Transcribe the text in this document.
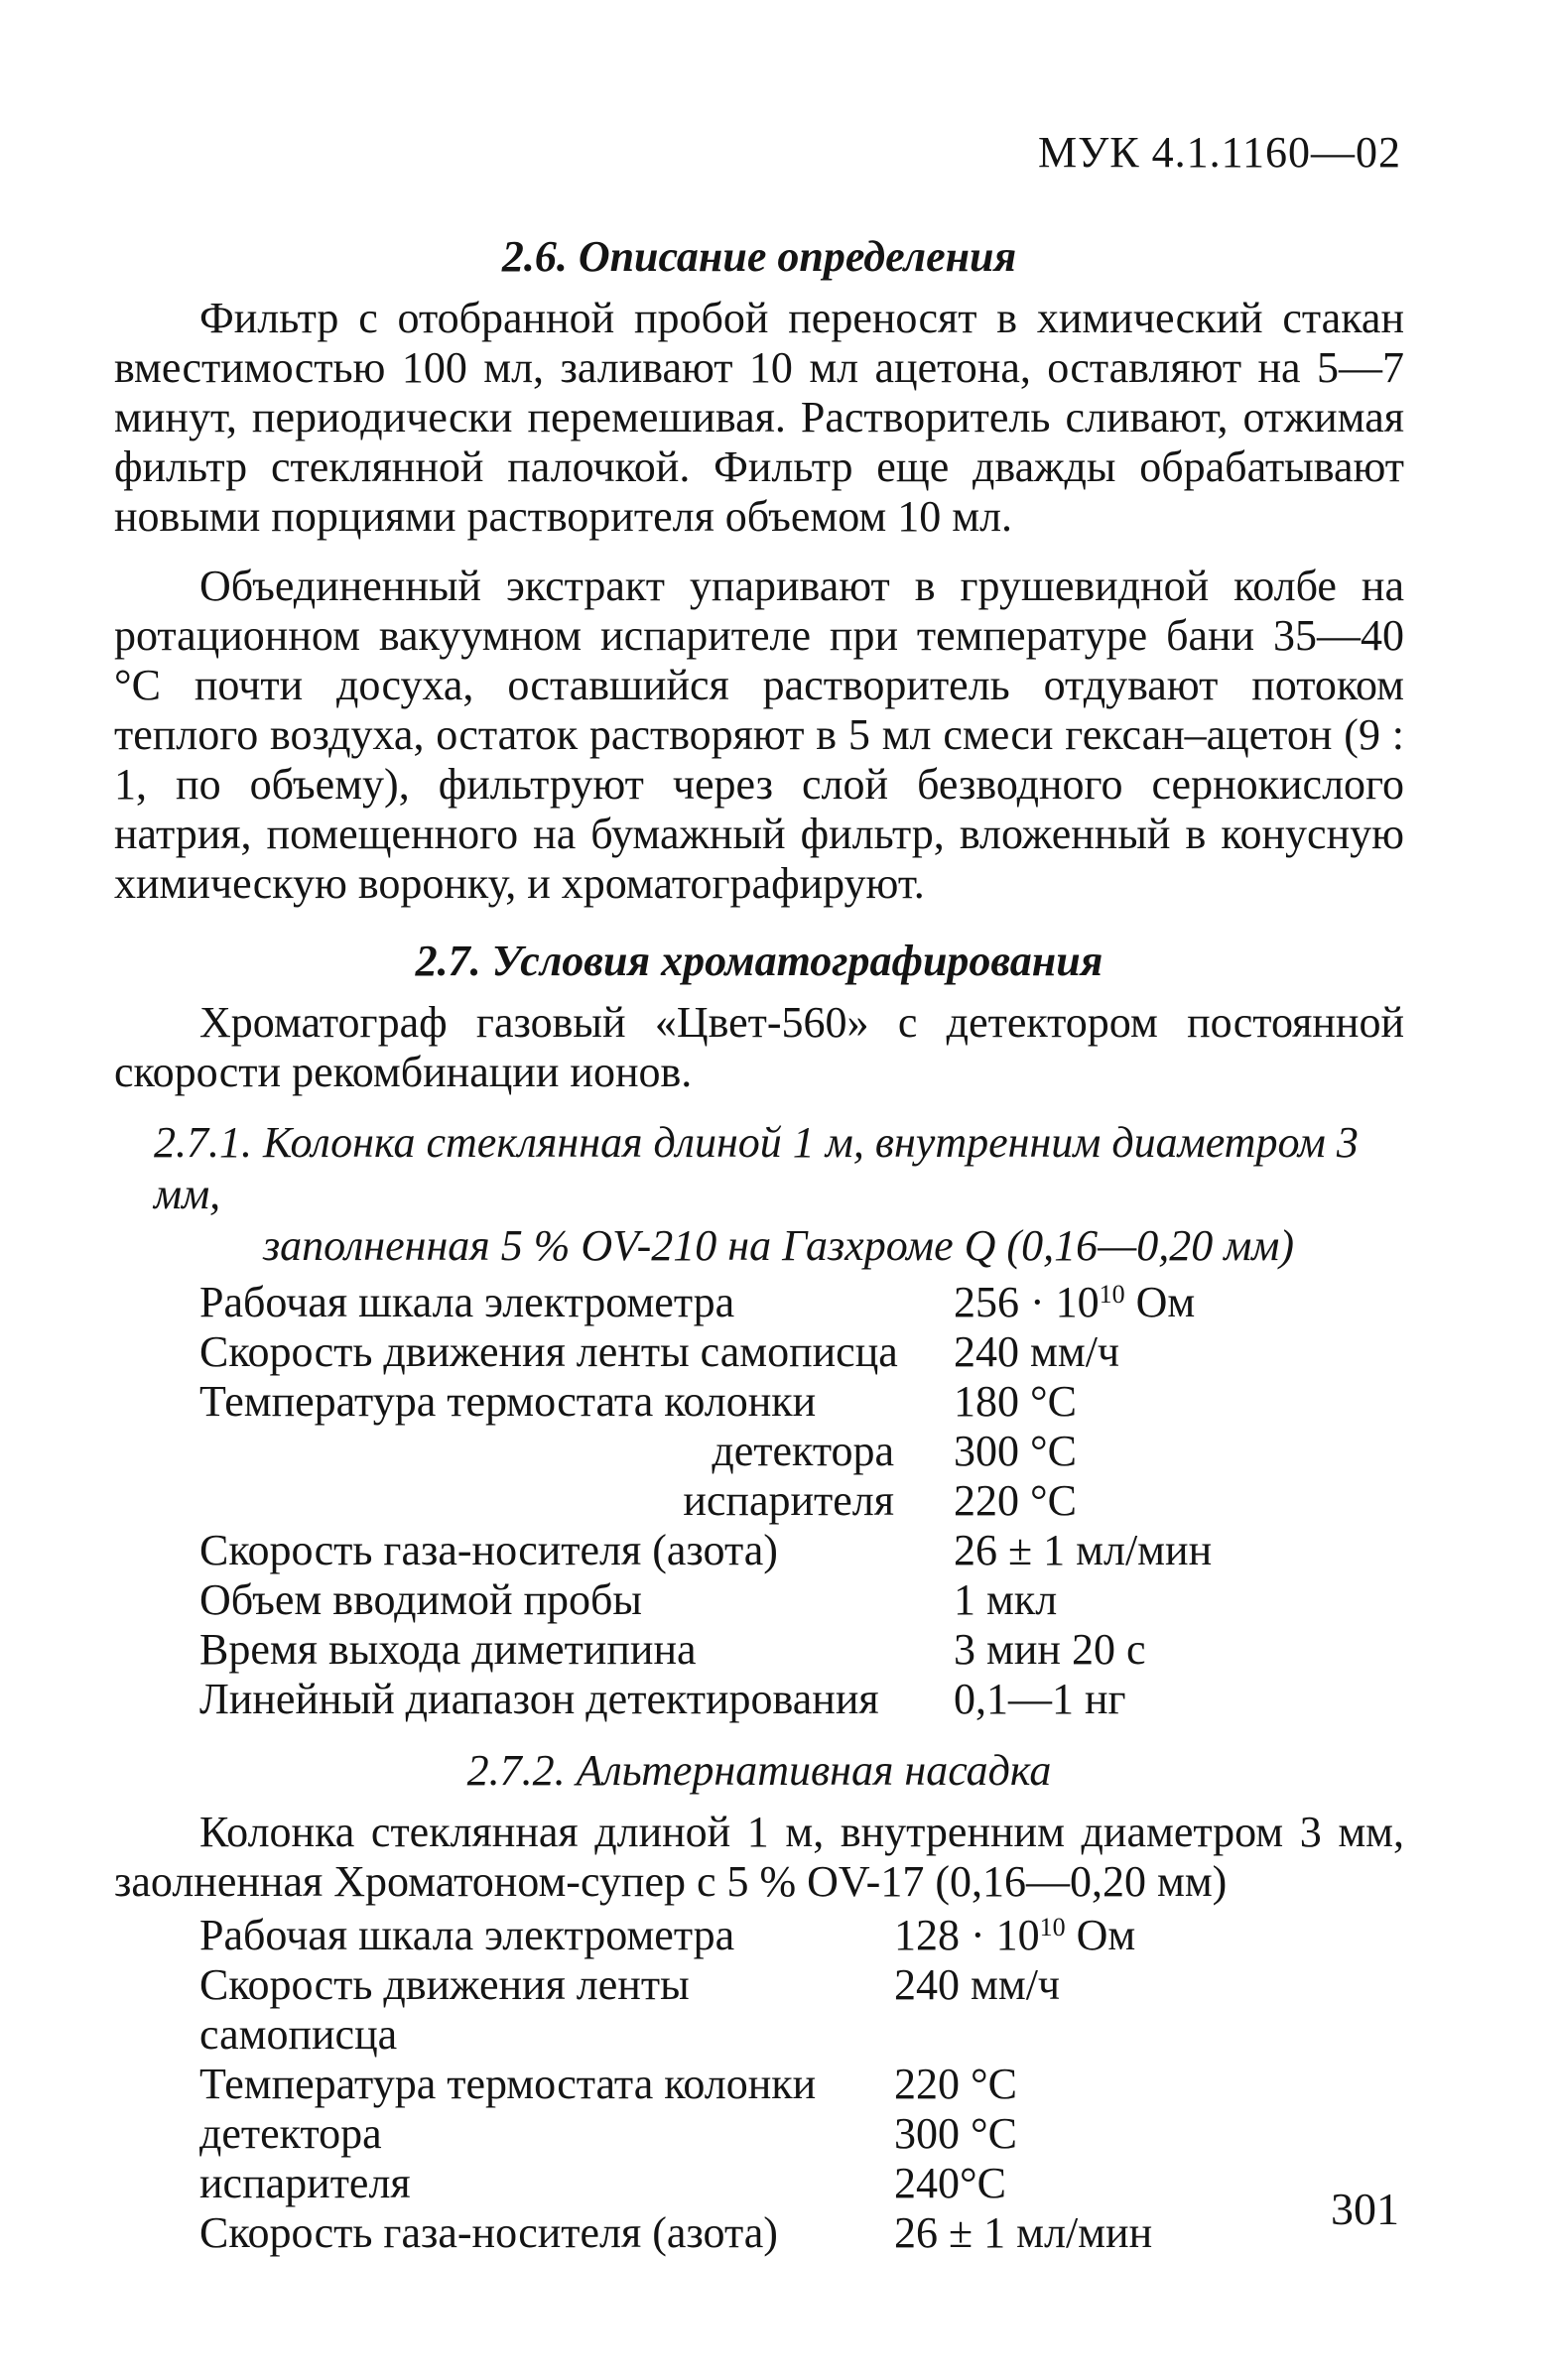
МУК 4.1.1160—02
2.6. Описание определения

Фильтр с отобранной пробой переносят в химический стакан вместимостью 100 мл, заливают 10 мл ацетона, оставляют на 5—7 минут, периодически перемешивая. Растворитель сливают, отжимая фильтр стеклянной палочкой. Фильтр еще дважды обрабатывают новыми порциями растворителя объемом 10 мл.

Объединенный экстракт упаривают в грушевидной колбе на ротационном вакуумном испарителе при температуре бани 35—40 °С почти досуха, оставшийся растворитель отдувают потоком теплого воздуха, остаток растворяют в 5 мл смеси гексан–ацетон (9 : 1, по объему), фильтруют через слой безводного сернокислого натрия, помещенного на бумажный фильтр, вложенный в конусную химическую воронку, и хроматографируют.

2.7. Условия хроматографирования

Хроматограф газовый «Цвет-560» с детектором постоянной скорости рекомбинации ионов.

2.7.1. Колонка стеклянная длиной 1 м, внутренним диаметром 3 мм,
заполненная 5 % OV-210 на Газхроме Q (0,16—0,20 мм)
Рабочая шкала электрометра	$256 \cdot 10^{10}$ Ом
Скорость движения ленты самописца	240 мм/ч
Температура термостата колонки	180 °С
детектора	300 °С
испарителя	220 °С
Скорость газа-носителя (азота)	26 ± 1 мл/мин
Объем вводимой пробы	1 мкл
Время выхода диметипина	3 мин 20 с
Линейный диапазон детектирования	0,1—1 нг
2.7.2. Альтернативная насадка

Колонка стеклянная длиной 1 м, внутренним диаметром 3 мм, заолненная Хроматоном-супер с 5 % OV-17 (0,16—0,20 мм)

Рабочая шкала электрометра	$128 \cdot 10^{10}$ Ом
Скорость движения ленты самописца	240 мм/ч
Температура термостата колонки	220 °С
детектора	300 °С
испарителя	240°С
Скорость газа-носителя (азота)	26 ± 1 мл/мин	301
